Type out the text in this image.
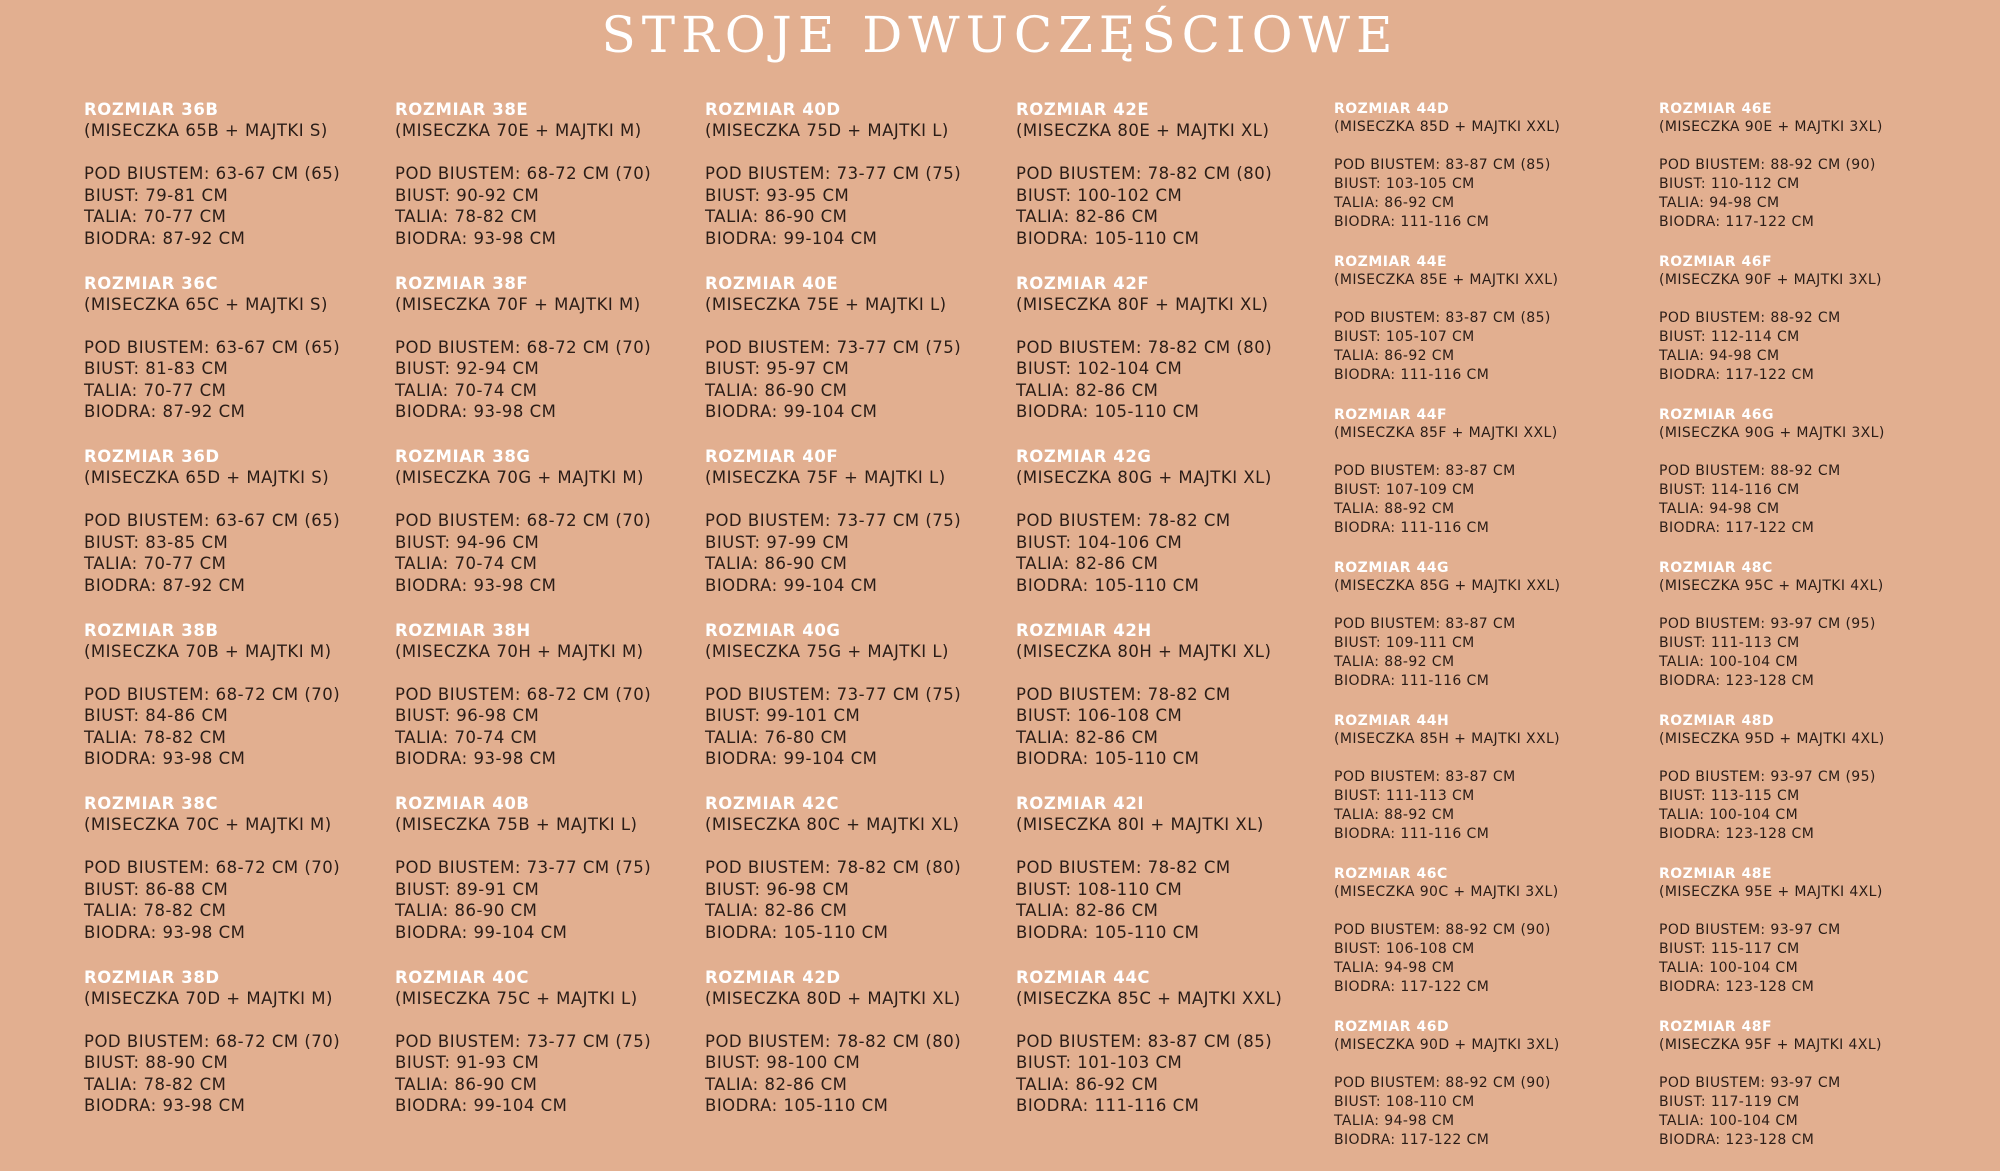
STROJE DWUCZĘŚCIOWE
ROZMIAR 36B
(MISECZKA 65B + MAJTKI S)
POD BIUSTEM: 63-67 CM (65)
BIUST: 79-81 CM
TALIA: 70-77 CM
BIODRA: 87-92 CM
ROZMIAR 36C
(MISECZKA 65C + MAJTKI S)
POD BIUSTEM: 63-67 CM (65)
BIUST: 81-83 CM
TALIA: 70-77 CM
BIODRA: 87-92 CM
ROZMIAR 36D
(MISECZKA 65D + MAJTKI S)
POD BIUSTEM: 63-67 CM (65)
BIUST: 83-85 CM
TALIA: 70-77 CM
BIODRA: 87-92 CM
ROZMIAR 38B
(MISECZKA 70B + MAJTKI M)
POD BIUSTEM: 68-72 CM (70)
BIUST: 84-86 CM
TALIA: 78-82 CM
BIODRA: 93-98 CM
ROZMIAR 38C
(MISECZKA 70C + MAJTKI M)
POD BIUSTEM: 68-72 CM (70)
BIUST: 86-88 CM
TALIA: 78-82 CM
BIODRA: 93-98 CM
ROZMIAR 38D
(MISECZKA 70D + MAJTKI M)
POD BIUSTEM: 68-72 CM (70)
BIUST: 88-90 CM
TALIA: 78-82 CM
BIODRA: 93-98 CM
ROZMIAR 38E
(MISECZKA 70E + MAJTKI M)
POD BIUSTEM: 68-72 CM (70)
BIUST: 90-92 CM
TALIA: 78-82 CM
BIODRA: 93-98 CM
ROZMIAR 38F
(MISECZKA 70F + MAJTKI M)
POD BIUSTEM: 68-72 CM (70)
BIUST: 92-94 CM
TALIA: 70-74 CM
BIODRA: 93-98 CM
ROZMIAR 38G
(MISECZKA 70G + MAJTKI M)
POD BIUSTEM: 68-72 CM (70)
BIUST: 94-96 CM
TALIA: 70-74 CM
BIODRA: 93-98 CM
ROZMIAR 38H
(MISECZKA 70H + MAJTKI M)
POD BIUSTEM: 68-72 CM (70)
BIUST: 96-98 CM
TALIA: 70-74 CM
BIODRA: 93-98 CM
ROZMIAR 40B
(MISECZKA 75B + MAJTKI L)
POD BIUSTEM: 73-77 CM (75)
BIUST: 89-91 CM
TALIA: 86-90 CM
BIODRA: 99-104 CM
ROZMIAR 40C
(MISECZKA 75C + MAJTKI L)
POD BIUSTEM: 73-77 CM (75)
BIUST: 91-93 CM
TALIA: 86-90 CM
BIODRA: 99-104 CM
ROZMIAR 40D
(MISECZKA 75D + MAJTKI L)
POD BIUSTEM: 73-77 CM (75)
BIUST: 93-95 CM
TALIA: 86-90 CM
BIODRA: 99-104 CM
ROZMIAR 40E
(MISECZKA 75E + MAJTKI L)
POD BIUSTEM: 73-77 CM (75)
BIUST: 95-97 CM
TALIA: 86-90 CM
BIODRA: 99-104 CM
ROZMIAR 40F
(MISECZKA 75F + MAJTKI L)
POD BIUSTEM: 73-77 CM (75)
BIUST: 97-99 CM
TALIA: 86-90 CM
BIODRA: 99-104 CM
ROZMIAR 40G
(MISECZKA 75G + MAJTKI L)
POD BIUSTEM: 73-77 CM (75)
BIUST: 99-101 CM
TALIA: 76-80 CM
BIODRA: 99-104 CM
ROZMIAR 42C
(MISECZKA 80C + MAJTKI XL)
POD BIUSTEM: 78-82 CM (80)
BIUST: 96-98 CM
TALIA: 82-86 CM
BIODRA: 105-110 CM
ROZMIAR 42D
(MISECZKA 80D + MAJTKI XL)
POD BIUSTEM: 78-82 CM (80)
BIUST: 98-100 CM
TALIA: 82-86 CM
BIODRA: 105-110 CM
ROZMIAR 42E
(MISECZKA 80E + MAJTKI XL)
POD BIUSTEM: 78-82 CM (80)
BIUST: 100-102 CM
TALIA: 82-86 CM
BIODRA: 105-110 CM
ROZMIAR 42F
(MISECZKA 80F + MAJTKI XL)
POD BIUSTEM: 78-82 CM (80)
BIUST: 102-104 CM
TALIA: 82-86 CM
BIODRA: 105-110 CM
ROZMIAR 42G
(MISECZKA 80G + MAJTKI XL)
POD BIUSTEM: 78-82 CM
BIUST: 104-106 CM
TALIA: 82-86 CM
BIODRA: 105-110 CM
ROZMIAR 42H
(MISECZKA 80H + MAJTKI XL)
POD BIUSTEM: 78-82 CM
BIUST: 106-108 CM
TALIA: 82-86 CM
BIODRA: 105-110 CM
ROZMIAR 42I
(MISECZKA 80I + MAJTKI XL)
POD BIUSTEM: 78-82 CM
BIUST: 108-110 CM
TALIA: 82-86 CM
BIODRA: 105-110 CM
ROZMIAR 44C
(MISECZKA 85C + MAJTKI XXL)
POD BIUSTEM: 83-87 CM (85)
BIUST: 101-103 CM
TALIA: 86-92 CM
BIODRA: 111-116 CM
ROZMIAR 44D
(MISECZKA 85D + MAJTKI XXL)
POD BIUSTEM: 83-87 CM (85)
BIUST: 103-105 CM
TALIA: 86-92 CM
BIODRA: 111-116 CM
ROZMIAR 44E
(MISECZKA 85E + MAJTKI XXL)
POD BIUSTEM: 83-87 CM (85)
BIUST: 105-107 CM
TALIA: 86-92 CM
BIODRA: 111-116 CM
ROZMIAR 44F
(MISECZKA 85F + MAJTKI XXL)
POD BIUSTEM: 83-87 CM
BIUST: 107-109 CM
TALIA: 88-92 CM
BIODRA: 111-116 CM
ROZMIAR 44G
(MISECZKA 85G + MAJTKI XXL)
POD BIUSTEM: 83-87 CM
BIUST: 109-111 CM
TALIA: 88-92 CM
BIODRA: 111-116 CM
ROZMIAR 44H
(MISECZKA 85H + MAJTKI XXL)
POD BIUSTEM: 83-87 CM
BIUST: 111-113 CM
TALIA: 88-92 CM
BIODRA: 111-116 CM
ROZMIAR 46C
(MISECZKA 90C + MAJTKI 3XL)
POD BIUSTEM: 88-92 CM (90)
BIUST: 106-108 CM
TALIA: 94-98 CM
BIODRA: 117-122 CM
ROZMIAR 46D
(MISECZKA 90D + MAJTKI 3XL)
POD BIUSTEM: 88-92 CM (90)
BIUST: 108-110 CM
TALIA: 94-98 CM
BIODRA: 117-122 CM
ROZMIAR 46E
(MISECZKA 90E + MAJTKI 3XL)
POD BIUSTEM: 88-92 CM (90)
BIUST: 110-112 CM
TALIA: 94-98 CM
BIODRA: 117-122 CM
ROZMIAR 46F
(MISECZKA 90F + MAJTKI 3XL)
POD BIUSTEM: 88-92 CM
BIUST: 112-114 CM
TALIA: 94-98 CM
BIODRA: 117-122 CM
ROZMIAR 46G
(MISECZKA 90G + MAJTKI 3XL)
POD BIUSTEM: 88-92 CM
BIUST: 114-116 CM
TALIA: 94-98 CM
BIODRA: 117-122 CM
ROZMIAR 48C
(MISECZKA 95C + MAJTKI 4XL)
POD BIUSTEM: 93-97 CM (95)
BIUST: 111-113 CM
TALIA: 100-104 CM
BIODRA: 123-128 CM
ROZMIAR 48D
(MISECZKA 95D + MAJTKI 4XL)
POD BIUSTEM: 93-97 CM (95)
BIUST: 113-115 CM
TALIA: 100-104 CM
BIODRA: 123-128 CM
ROZMIAR 48E
(MISECZKA 95E + MAJTKI 4XL)
POD BIUSTEM: 93-97 CM
BIUST: 115-117 CM
TALIA: 100-104 CM
BIODRA: 123-128 CM
ROZMIAR 48F
(MISECZKA 95F + MAJTKI 4XL)
POD BIUSTEM: 93-97 CM
BIUST: 117-119 CM
TALIA: 100-104 CM
BIODRA: 123-128 CM
